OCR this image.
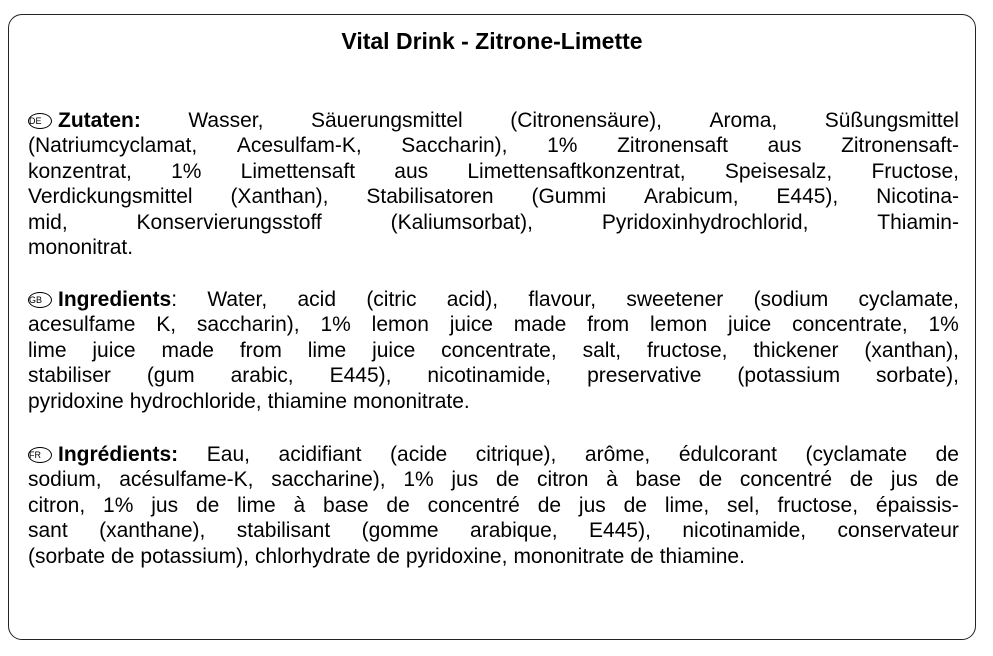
Vital Drink - Zitrone-Limette
DE Zutaten: Wasser, Säuerungsmittel (Citronensäure), Aroma, Süßungsmittel
(Natriumcyclamat, Acesulfam-K, Saccharin), 1% Zitronensaft aus Zitronensaft-
konzentrat, 1% Limettensaft aus Limettensaftkonzentrat, Speisesalz, Fructose,
Verdickungsmittel (Xanthan), Stabilisatoren (Gummi Arabicum, E445), Nicotina-
mid,	Konservierungsstoff	(Kaliumsorbat),	Pyridoxinhydrochlorid,	Thiamin-
mononitrat.
GB Ingredients: Water, acid (citric acid), flavour, sweetener (sodium cyclamate,
acesulfame K, saccharin), 1% lemon juice made from lemon juice concentrate, 1%
lime juice made from lime juice concentrate, salt, fructose, thickener (xanthan),
stabiliser (gum arabic, E445), nicotinamide, preservative (potassium sorbate),
pyridoxine hydrochloride, thiamine mononitrate.
FR Ingrédients: Eau, acidifiant (acide citrique), arôme, édulcorant (cyclamate de
sodium, acésulfame-K, saccharine), 1% jus de citron à base de concentré de jus de
citron, 1% jus de lime à base de concentré de jus de lime, sel, fructose, épaissis-
sant (xanthane), stabilisant (gomme arabique, E445), nicotinamide, conservateur
(sorbate de potassium), chlorhydrate de pyridoxine, mononitrate de thiamine.
